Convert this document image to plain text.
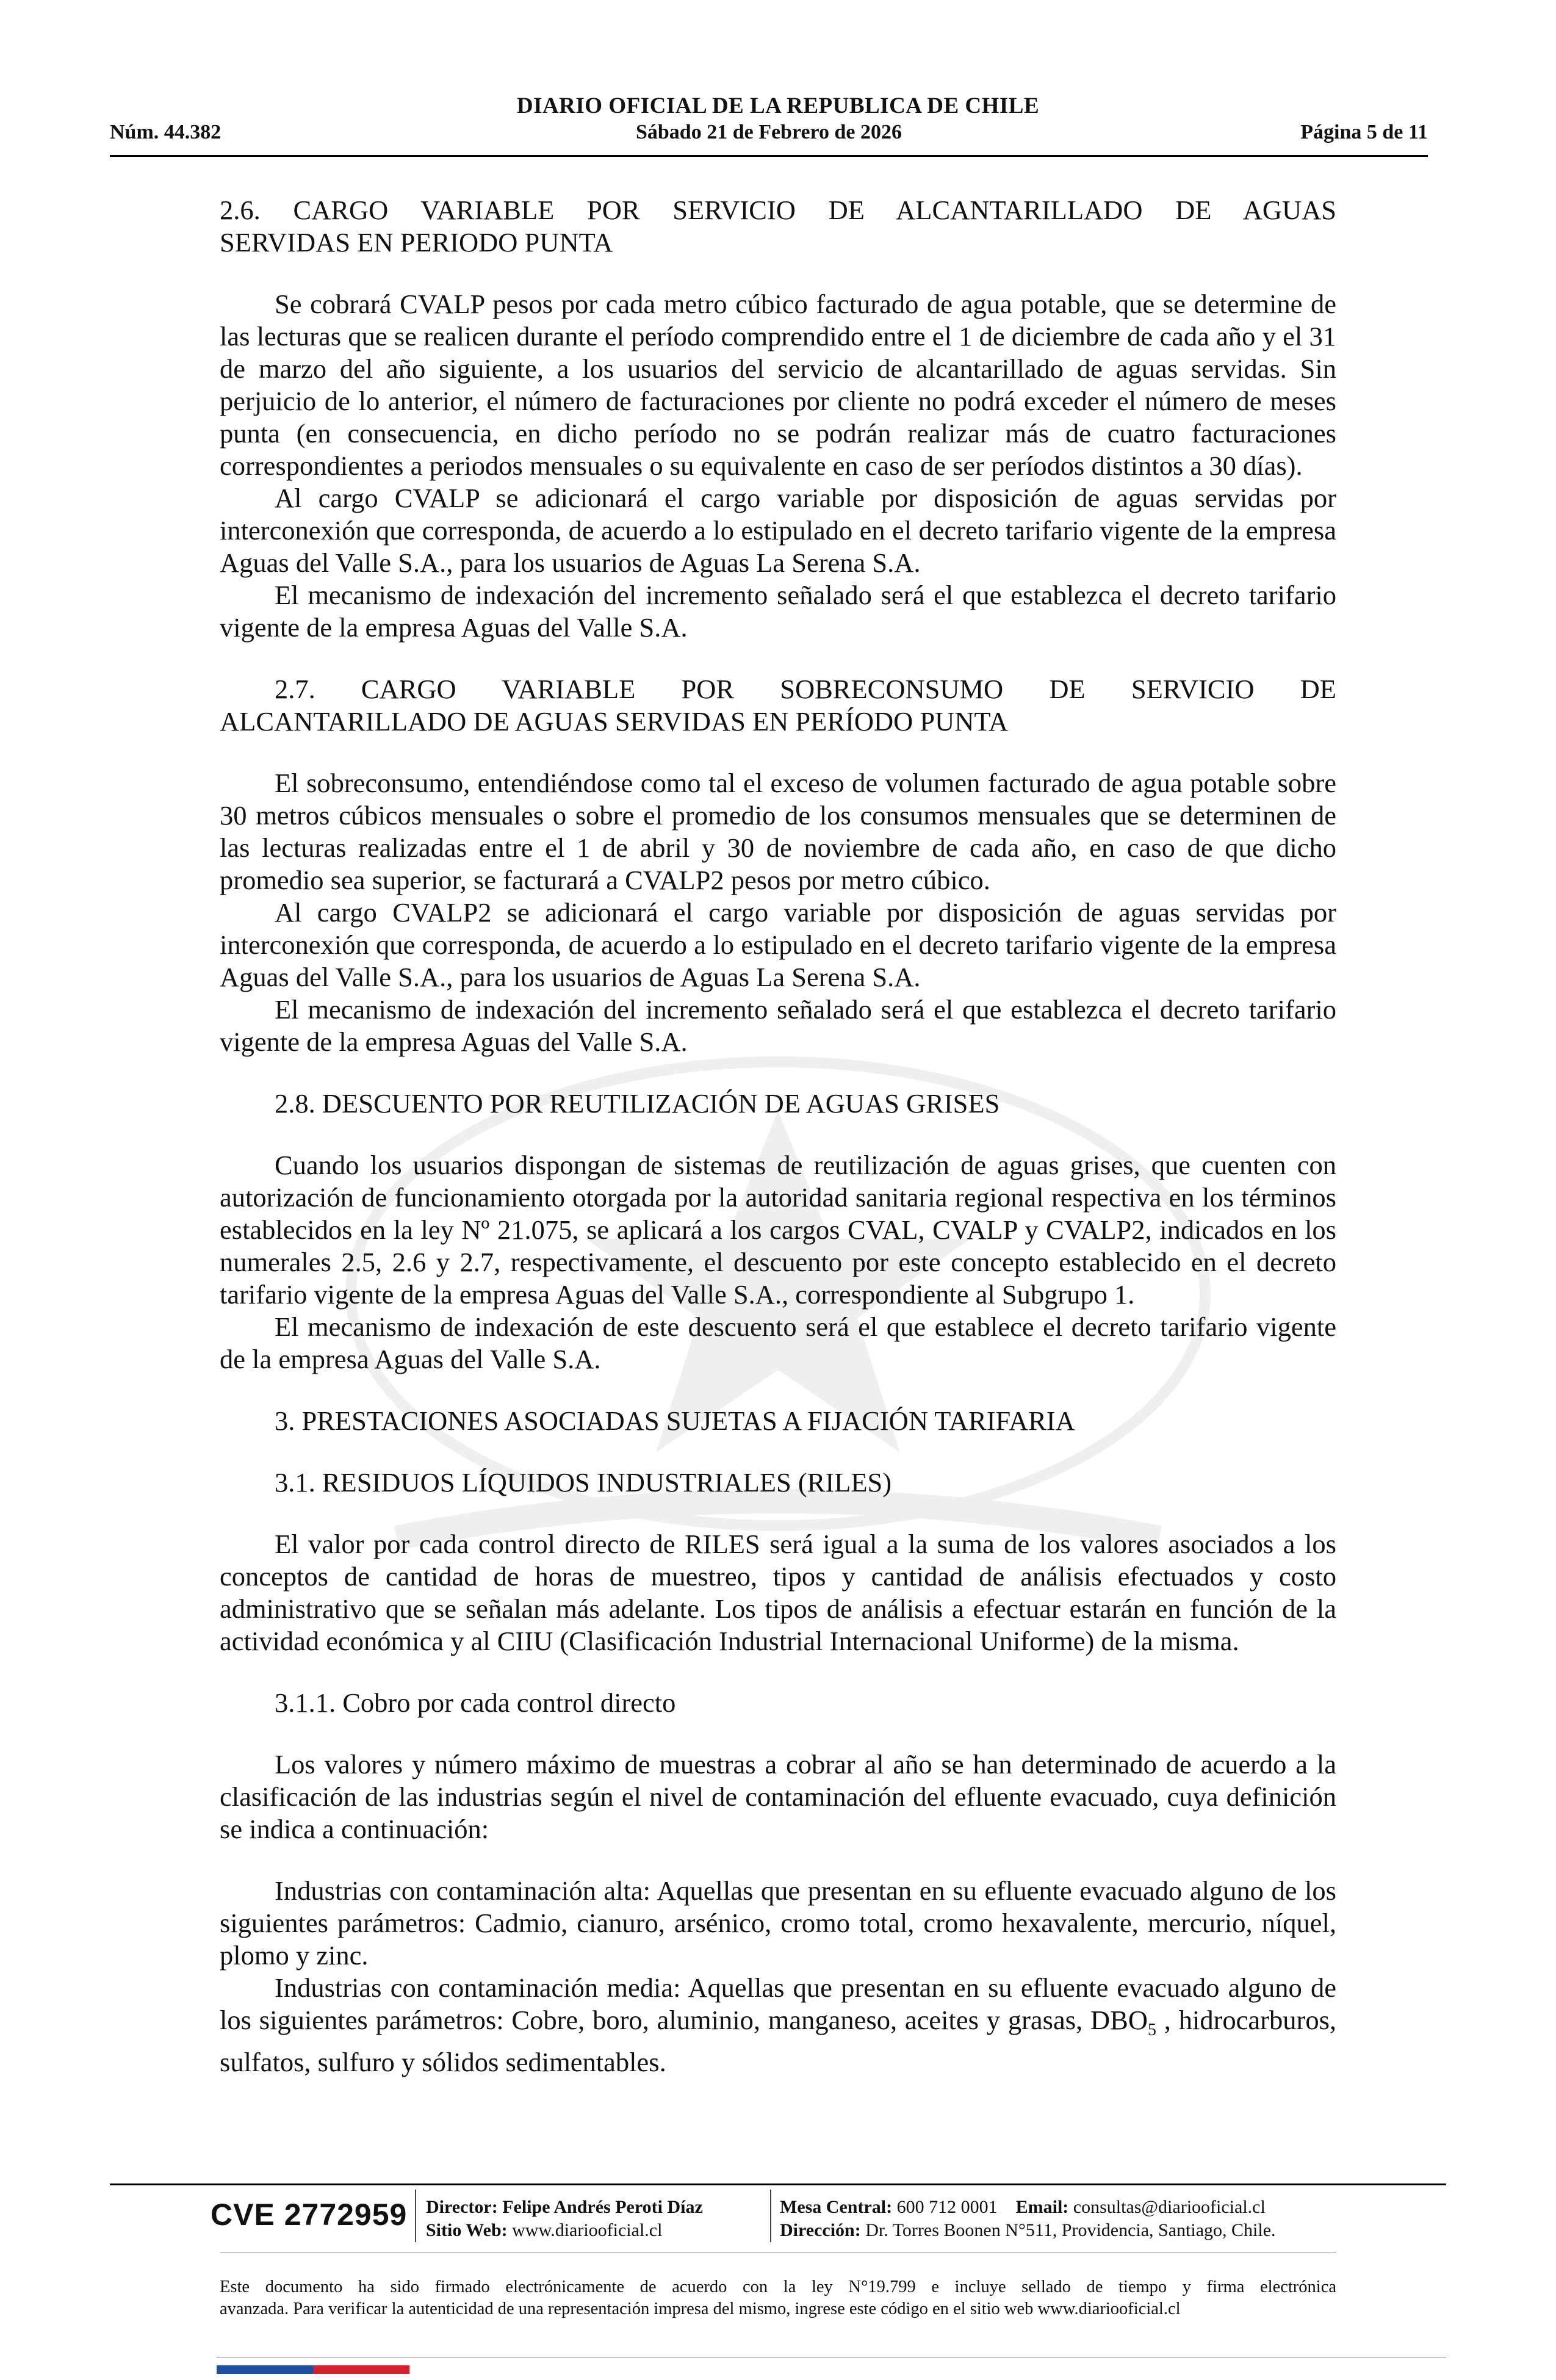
DIARIO OFICIAL DE LA REPUBLICA DE CHILE
Núm. 44.382	Sábado 21 de Febrero de 2026	Página 5 de 11

2.6. CARGO VARIABLE POR SERVICIO DE ALCANTARILLADO DE AGUAS

SERVIDAS EN PERIODO PUNTA

Se cobrará CVALP pesos por cada metro cúbico facturado de agua potable, que se determine de las lecturas que se realicen durante el período comprendido entre el 1 de diciembre de cada año y el 31 de marzo del año siguiente, a los usuarios del servicio de alcantarillado de aguas servidas. Sin perjuicio de lo anterior, el número de facturaciones por cliente no podrá exceder el número de meses punta (en consecuencia, en dicho período no se podrán realizar más de cuatro facturaciones correspondientes a periodos mensuales o su equivalente en caso de ser períodos distintos a 30 días).

Al cargo CVALP se adicionará el cargo variable por disposición de aguas servidas por interconexión que corresponda, de acuerdo a lo estipulado en el decreto tarifario vigente de la empresa Aguas del Valle S.A., para los usuarios de Aguas La Serena S.A.

El mecanismo de indexación del incremento señalado será el que establezca el decreto tarifario vigente de la empresa Aguas del Valle S.A.

2.7. CARGO VARIABLE POR SOBRECONSUMO DE SERVICIO DE

ALCANTARILLADO DE AGUAS SERVIDAS EN PERÍODO PUNTA

El sobreconsumo, entendiéndose como tal el exceso de volumen facturado de agua potable sobre 30 metros cúbicos mensuales o sobre el promedio de los consumos mensuales que se determinen de las lecturas realizadas entre el 1 de abril y 30 de noviembre de cada año, en caso de que dicho promedio sea superior, se facturará a CVALP2 pesos por metro cúbico.

Al cargo CVALP2 se adicionará el cargo variable por disposición de aguas servidas por interconexión que corresponda, de acuerdo a lo estipulado en el decreto tarifario vigente de la empresa Aguas del Valle S.A., para los usuarios de Aguas La Serena S.A.

El mecanismo de indexación del incremento señalado será el que establezca el decreto tarifario vigente de la empresa Aguas del Valle S.A.

2.8. DESCUENTO POR REUTILIZACIÓN DE AGUAS GRISES

Cuando los usuarios dispongan de sistemas de reutilización de aguas grises, que cuenten con autorización de funcionamiento otorgada por la autoridad sanitaria regional respectiva en los términos establecidos en la ley Nº 21.075, se aplicará a los cargos CVAL, CVALP y CVALP2, indicados en los numerales 2.5, 2.6 y 2.7, respectivamente, el descuento por este concepto establecido en el decreto tarifario vigente de la empresa Aguas del Valle S.A., correspondiente al Subgrupo 1.

El mecanismo de indexación de este descuento será el que establece el decreto tarifario vigente de la empresa Aguas del Valle S.A.

3. PRESTACIONES ASOCIADAS SUJETAS A FIJACIÓN TARIFARIA

3.1. RESIDUOS LÍQUIDOS INDUSTRIALES (RILES)

El valor por cada control directo de RILES será igual a la suma de los valores asociados a los conceptos de cantidad de horas de muestreo, tipos y cantidad de análisis efectuados y costo administrativo que se señalan más adelante. Los tipos de análisis a efectuar estarán en función de la actividad económica y al CIIU (Clasificación Industrial Internacional Uniforme) de la misma.

3.1.1. Cobro por cada control directo

Los valores y número máximo de muestras a cobrar al año se han determinado de acuerdo a la clasificación de las industrias según el nivel de contaminación del efluente evacuado, cuya definición se indica a continuación:

Industrias con contaminación alta: Aquellas que presentan en su efluente evacuado alguno de los siguientes parámetros: Cadmio, cianuro, arsénico, cromo total, cromo hexavalente, mercurio, níquel, plomo y zinc.

Industrias con contaminación media: Aquellas que presentan en su efluente evacuado alguno de los siguientes parámetros: Cobre, boro, aluminio, manganeso, aceites y grasas, $DBO_5$ , hidrocarburos, sulfatos, sulfuro y sólidos sedimentables.

CVE 2772959 Director: Felipe Andrés Peroti Díaz
Sitio Web: www.diariooficial.cl
Mesa Central: 600 712 0001 Email: consultas@diariooficial.cl
Dirección: Dr. Torres Boonen N°511, Providencia, Santiago, Chile.
Este documento ha sido firmado electrónicamente de acuerdo con la ley N°19.799 e incluye sellado de tiempo y firma electrónica
avanzada. Para verificar la autenticidad de una representación impresa del mismo, ingrese este código en el sitio web www.diariooficial.cl
